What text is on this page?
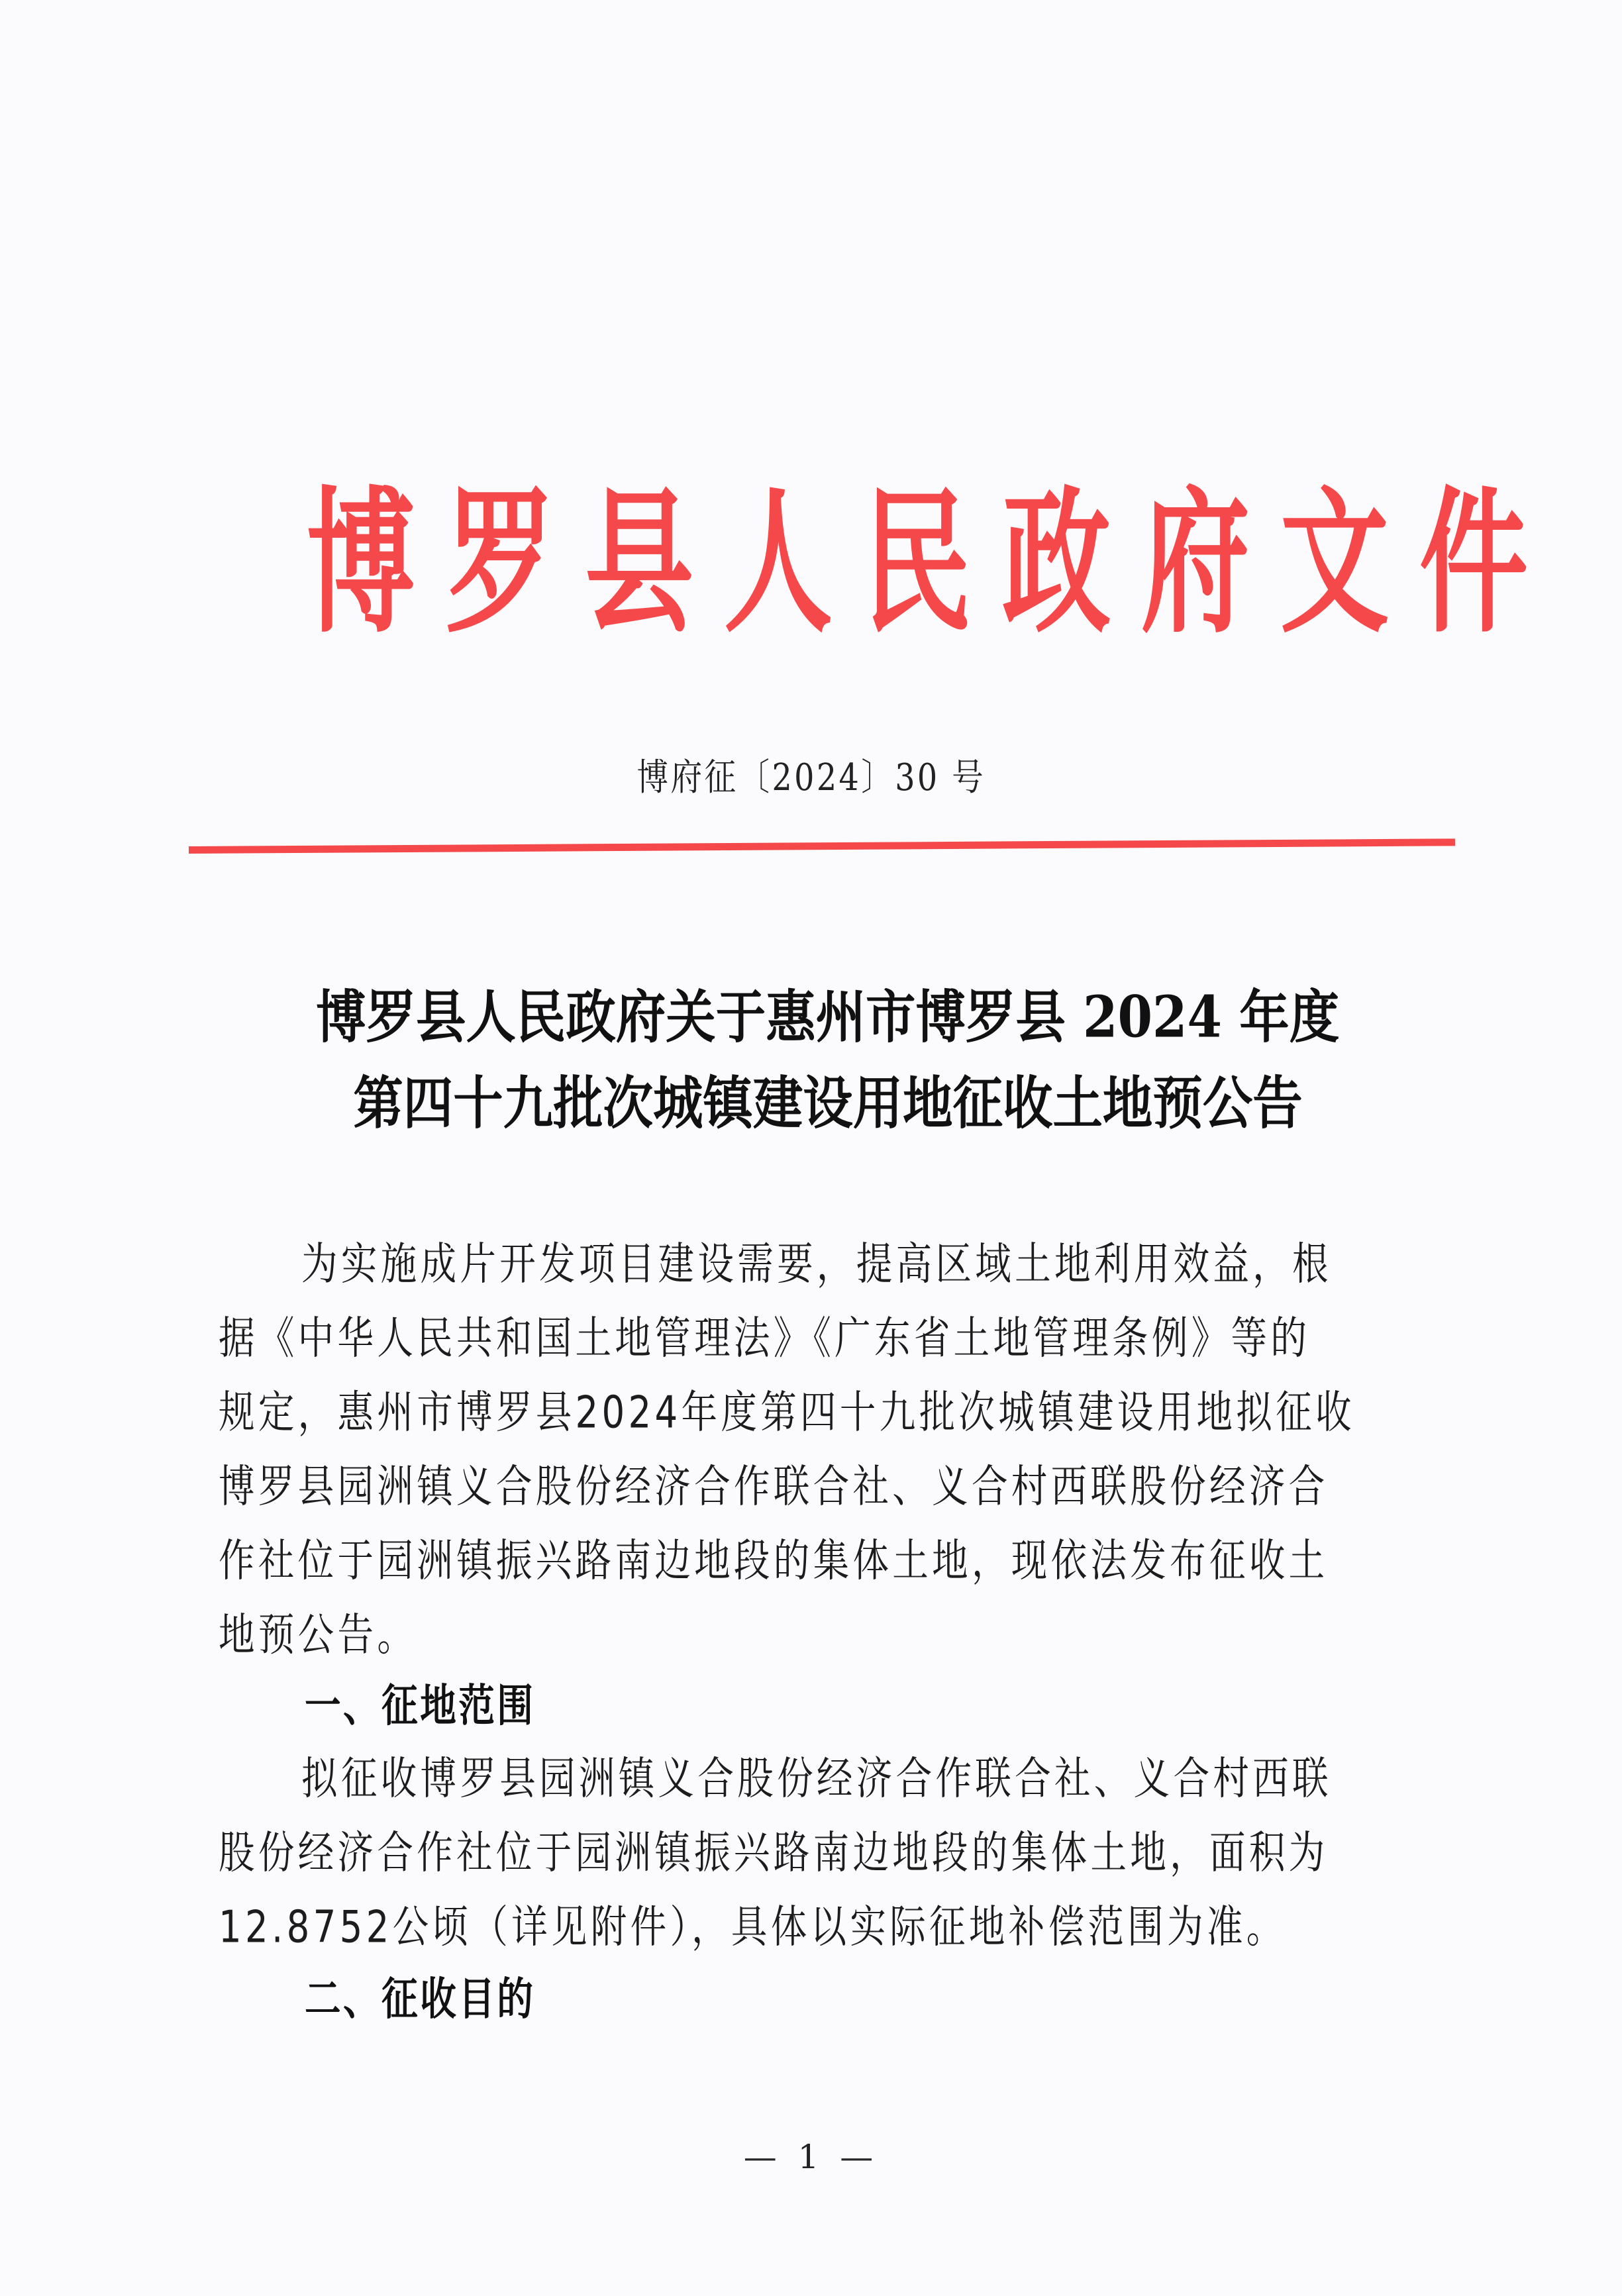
博 罗 县 人 民 政 府 文 件
博府征〔2024〕30 号
博罗县人民政府关于惠州市博罗县 2024 年度
第四十九批次城镇建设用地征收土地预公告
为实施成片开发项目建设需要，提高区域土地利用效益，根
据《中华人民共和国土地管理法》《广东省土地管理条例》等的
规定，惠州市博罗县2024年度第四十九批次城镇建设用地拟征收
博罗县园洲镇义合股份经济合作联合社、义合村西联股份经济合
作社位于园洲镇振兴路南边地段的集体土地，现依法发布征收土
地预公告。
一、征地范围
拟征收博罗县园洲镇义合股份经济合作联合社、义合村西联
股份经济合作社位于园洲镇振兴路南边地段的集体土地，面积为
12.8752公顷（详见附件），具体以实际征地补偿范围为准。
二、征收目的
— 1 —
